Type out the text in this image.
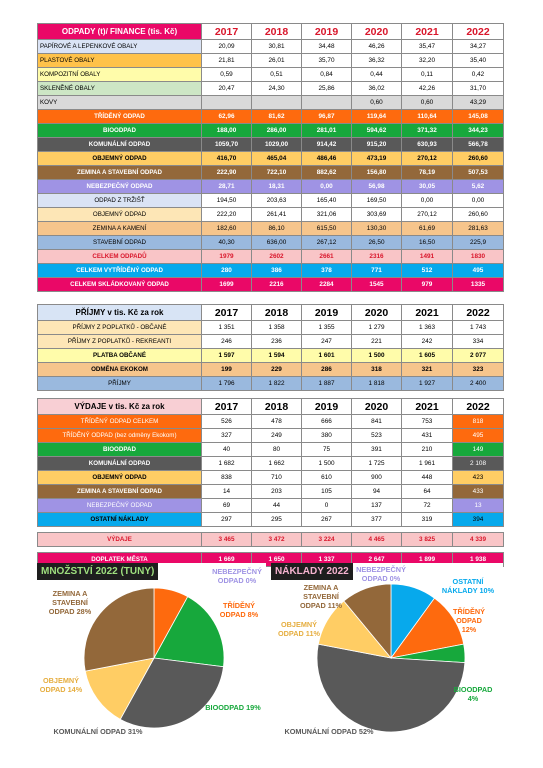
ODPADY (t)/ FINANCE (tis. Kč)	2017	2018	2019	2020	2021	2022
PAPÍROVÉ A LEPENKOVÉ OBALY	20,09	30,81	34,48	46,26	35,47	34,27
PLASTOVÉ OBALY	21,81	26,01	35,70	36,32	32,20	35,40
KOMPOZITNÍ OBALY	0,59	0,51	0,84	0,44	0,11	0,42
SKLENĚNÉ OBALY	20,47	24,30	25,86	36,02	42,26	31,70
KOVY				0,60	0,60	43,29
TŘÍDĚNÝ ODPAD	62,96	81,62	96,87	119,64	110,64	145,08
BIOODPAD	188,00	286,00	281,01	594,62	371,32	344,23
KOMUNÁLNÍ ODPAD	1059,70	1029,00	914,42	915,20	630,93	566,78
OBJEMNÝ ODPAD	416,70	465,04	486,46	473,19	270,12	260,60
ZEMINA A STAVEBNÍ ODPAD	222,90	722,10	882,62	156,80	78,19	507,53
NEBEZPEČNÝ ODPAD	28,71	18,31	0,00	56,98	30,05	5,62
ODPAD Z TRŽIŠŤ	194,50	203,63	165,40	169,50	0,00	0,00
OBJEMNÝ ODPAD	222,20	261,41	321,06	303,69	270,12	260,60
ZEMINA A KAMENÍ	182,60	86,10	615,50	130,30	61,69	281,63
STAVEBNÍ ODPAD	40,30	636,00	267,12	26,50	16,50	225,9
CELKEM ODPADŮ	1979	2602	2661	2316	1491	1830
CELKEM VYTŘÍDĚNÝ ODPAD	280	386	378	771	512	495
CELKEM SKLÁDKOVANÝ ODPAD	1699	2216	2284	1545	979	1335
PŘÍJMY v tis. Kč za rok	2017	2018	2019	2020	2021	2022
PŘÍJMY Z POPLATKŮ - OBČANÉ	1 351	1 358	1 355	1 279	1 363	1 743
PŘÍJMY Z POPLATKŮ - REKREANTI	246	236	247	221	242	334
PLATBA OBČANÉ	1 597	1 594	1 601	1 500	1 605	2 077
ODMĚNA EKOKOM	199	229	286	318	321	323
PŘÍJMY	1 796	1 822	1 887	1 818	1 927	2 400
VÝDAJE v tis. Kč za rok	2017	2018	2019	2020	2021	2022
TŘÍDĚNÝ ODPAD CELKEM	526	478	666	841	753	818
TŘÍDĚNÝ ODPAD (bez odměny Ekokom)	327	249	380	523	431	495
BIOODPAD	40	80	75	391	210	149
KOMUNÁLNÍ ODPAD	1 682	1 662	1 500	1 725	1 961	2 108
OBJEMNÝ ODPAD	838	710	610	900	448	423
ZEMINA A STAVEBNÍ ODPAD	14	203	105	94	64	433
NEBEZPEČNÝ ODPAD	69	44	0	137	72	13
OSTATNÍ NÁKLADY	297	295	267	377	319	394

VÝDAJE	3 465	3 472	3 224	4 465	3 825	4 339

DOPLATEK MĚSTA	1 669	1 650	1 337	2 647	1 899	1 938
MNOŽSTVÍ 2022 (TUNY)	NEBEZPEČNÝ ODPAD 0%
TŘÍDĚNÝ ODPAD 8%
BIOODPAD 19%
KOMUNÁLNÍ ODPAD 31%
OBJEMNÝ ODPAD 14%
ZEMINA A STAVEBNÍ ODPAD 28%
NÁKLADY 2022	NEBEZPEČNÝ ODPAD 0%	OSTATNÍ NÁKLADY 10%
TŘÍDĚNÝ ODPAD 12%
BIOODPAD 4%
KOMUNÁLNÍ ODPAD 52%
OBJEMNÝ ODPAD 11%
ZEMINA A STAVEBNÍ ODPAD 11%
